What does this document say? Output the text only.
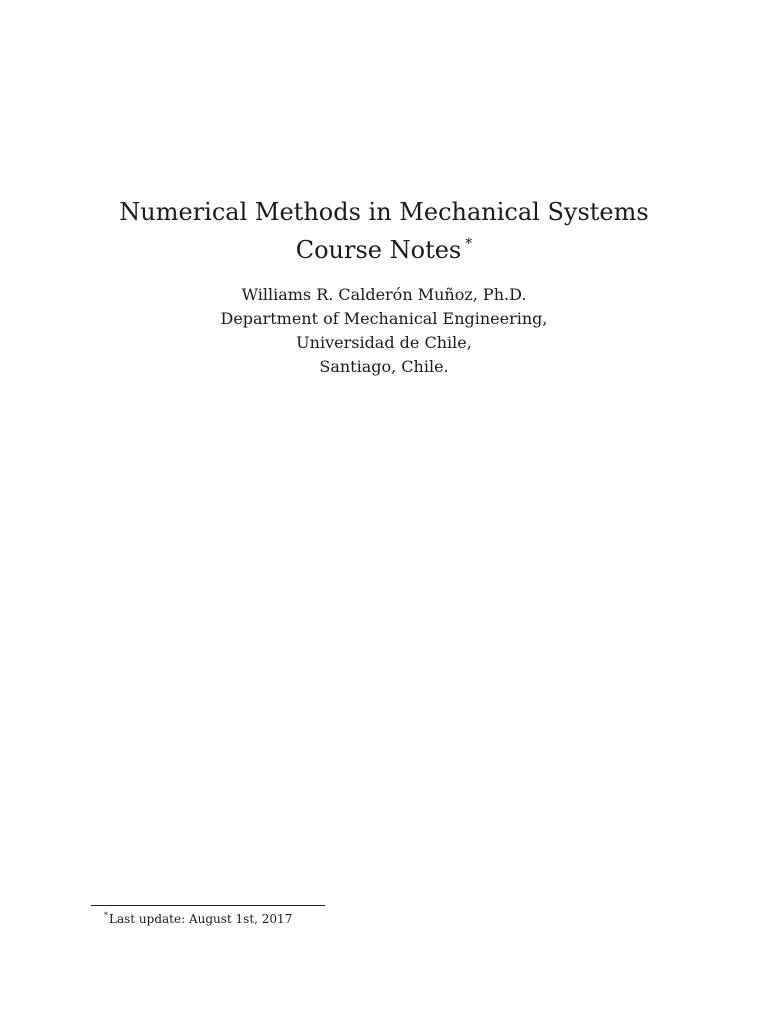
Numerical Methods in Mechanical Systems
Course Notes *
Williams R. Calderón Muñoz, Ph.D.
Department of Mechanical Engineering,
Universidad de Chile,
Santiago, Chile.
*Last update: August 1st, 2017
